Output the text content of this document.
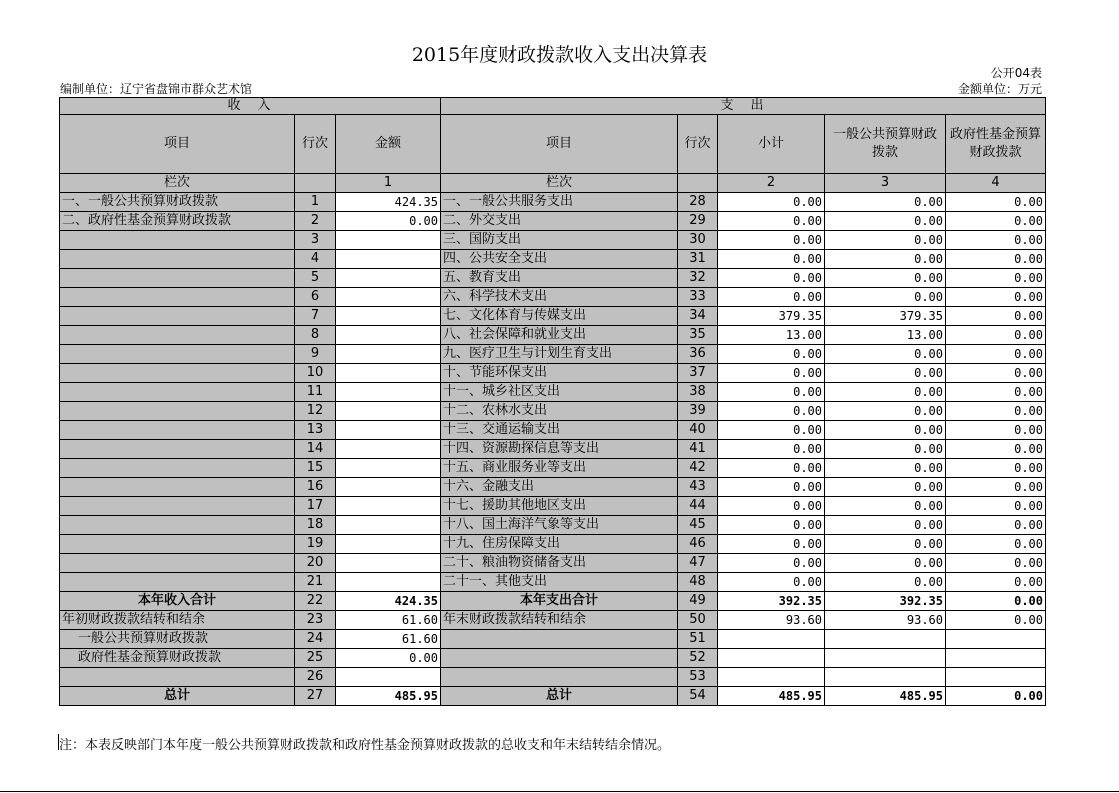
2015年度财政拨款收入支出决算表
公开04表
编制单位：辽宁省盘锦市群众艺术馆	金额单位：万元
收　入			支　出				
项目	行次	金额	项目	行次	小计	一般公共预算财政拨款	政府性基金预算财政拨款
栏次		1	栏次		2	3	4
一、一般公共预算财政拨款	1	424.35	一、一般公共服务支出	28	0.00	0.00	0.00
二、政府性基金预算财政拨款	2	0.00	二、外交支出	29	0.00	0.00	0.00
	3		三、国防支出	30	0.00	0.00	0.00
	4		四、公共安全支出	31	0.00	0.00	0.00
	5		五、教育支出	32	0.00	0.00	0.00
	6		六、科学技术支出	33	0.00	0.00	0.00
	7		七、文化体育与传媒支出	34	379.35	379.35	0.00
	8		八、社会保障和就业支出	35	13.00	13.00	0.00
	9		九、医疗卫生与计划生育支出	36	0.00	0.00	0.00
	10		十、节能环保支出	37	0.00	0.00	0.00
	11		十一、城乡社区支出	38	0.00	0.00	0.00
	12		十二、农林水支出	39	0.00	0.00	0.00
	13		十三、交通运输支出	40	0.00	0.00	0.00
	14		十四、资源勘探信息等支出	41	0.00	0.00	0.00
	15		十五、商业服务业等支出	42	0.00	0.00	0.00
	16		十六、金融支出	43	0.00	0.00	0.00
	17		十七、援助其他地区支出	44	0.00	0.00	0.00
	18		十八、国土海洋气象等支出	45	0.00	0.00	0.00
	19		十九、住房保障支出	46	0.00	0.00	0.00
	20		二十、粮油物资储备支出	47	0.00	0.00	0.00
	21		二十一、其他支出	48	0.00	0.00	0.00
本年收入合计	22	424.35	本年支出合计	49	392.35	392.35	0.00
年初财政拨款结转和结余	23	61.60	年末财政拨款结转和结余	50	93.60	93.60	0.00
一般公共预算财政拨款	24	61.60		51			
政府性基金预算财政拨款	25	0.00		52			
	26			53			
总计	27	485.95	总计	54	485.95	485.95	0.00
注：本表反映部门本年度一般公共预算财政拨款和政府性基金预算财政拨款的总收支和年末结转结余情况。
